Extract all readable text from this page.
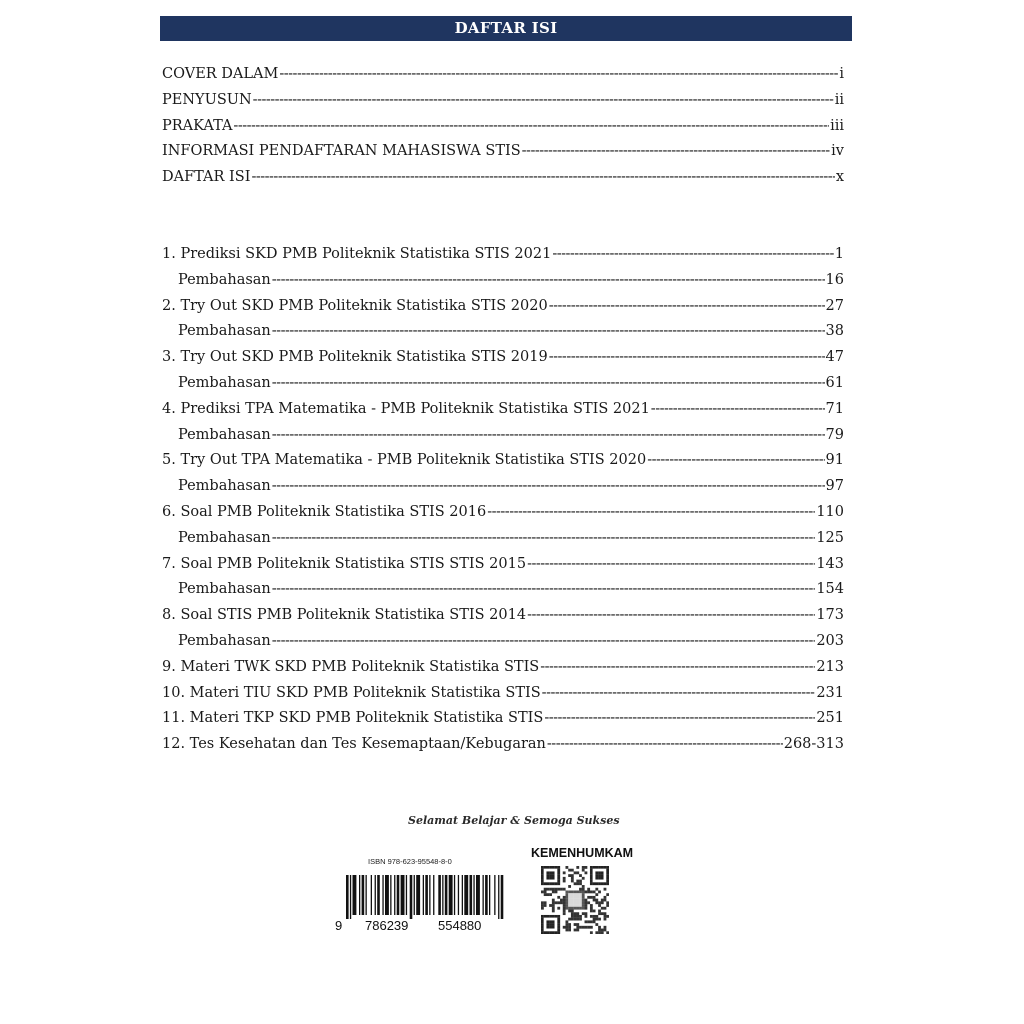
DAFTAR ISI
COVER DALAM -----	i
PENYUSUN -----	ii
PRAKATA -----	iii
INFORMASI PENDAFTARAN MAHASISWA STIS -----	iv
DAFTAR ISI -----	x
1. Prediksi SKD PMB Politeknik Statistika STIS 2021 -----	1
Pembahasan -----	16
2. Try Out SKD PMB Politeknik Statistika STIS 2020 -----	27
Pembahasan -----	38
3. Try Out SKD PMB Politeknik Statistika STIS 2019 -----	47
Pembahasan -----	61
4. Prediksi TPA Matematika - PMB Politeknik Statistika STIS 2021 -----	71
Pembahasan -----	79
5. Try Out TPA Matematika - PMB Politeknik Statistika STIS 2020 -----	91
Pembahasan -----	97
6. Soal PMB Politeknik Statistika STIS 2016 -----	110
Pembahasan -----	125
7. Soal PMB Politeknik Statistika STIS STIS 2015 -----	143
Pembahasan -----	154
8. Soal STIS PMB Politeknik Statistika STIS 2014 -----	173
Pembahasan -----	203
9. Materi TWK SKD PMB Politeknik Statistika STIS -----	213
10. Materi TIU SKD PMB Politeknik Statistika STIS -----	231
11. Materi TKP SKD PMB Politeknik Statistika STIS -----	251
12. Tes Kesehatan dan Tes Kesemaptaan/Kebugaran -----	268-313
Selamat Belajar & Semoga Sukses
ISBN 978-623-95548-8-0
9 786239 554880
KEMENHUMKAM
